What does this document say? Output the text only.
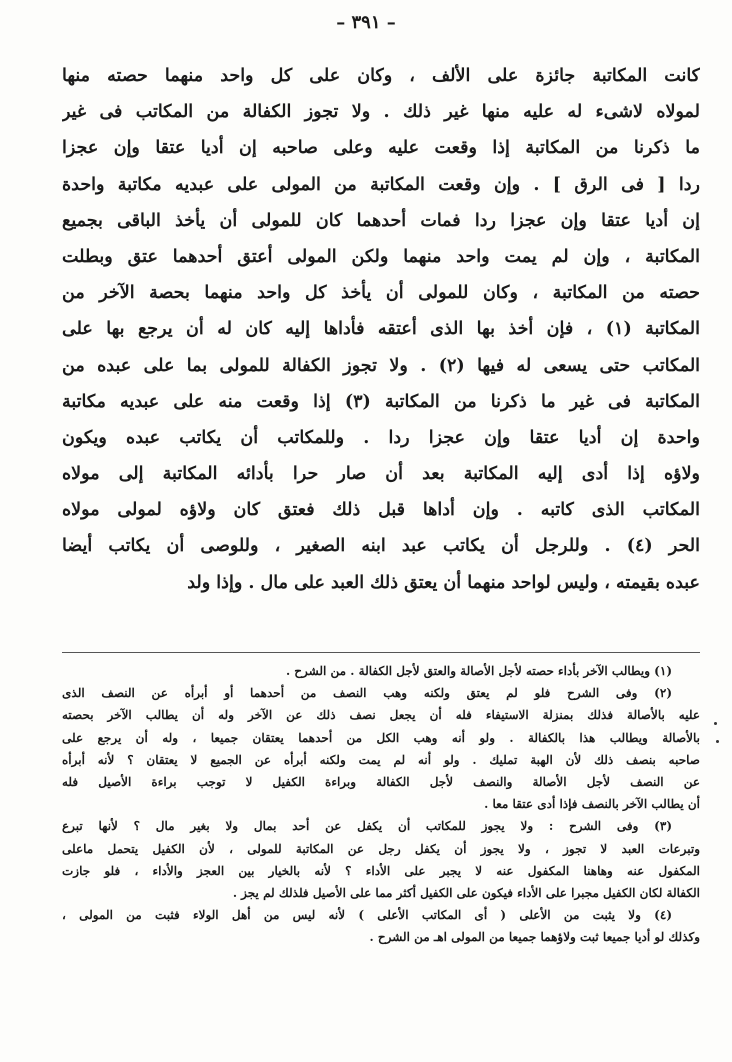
– ٣٩١ –
كانت المكاتبة جائزة على الألف ، وكان على كل واحد منهما حصته منها
لمولاه لاشىء له عليه منها غير ذلك . ولا تجوز الكفالة من المكاتب فى غير
ما ذكرنا من المكاتبة إذا وقعت عليه وعلى صاحبه إن أديا عتقا وإن عجزا
ردا [ فى الرق ] . وإن وقعت المكاتبة من المولى على عبديه مكاتبة واحدة
إن أديا عتقا وإن عجزا ردا فمات أحدهما كان للمولى أن يأخذ الباقى بجميع
المكاتبة ، وإن لم يمت واحد منهما ولكن المولى أعتق أحدهما عتق وبطلت
حصته من المكاتبة ، وكان للمولى أن يأخذ كل واحد منهما بحصة الآخر من
المكاتبة (١) ، فإن أخذ بها الذى أعتقه فأداها إليه كان له أن يرجع بها على
المكاتب حتى يسعى له فيها (٢) . ولا تجوز الكفالة للمولى بما على عبده من
المكاتبة فى غير ما ذكرنا من المكاتبة (٣) إذا وقعت منه على عبديه مكاتبة
واحدة إن أديا عتقا وإن عجزا ردا . وللمكاتب أن يكاتب عبده ويكون
ولاؤه إذا أدى إليه المكاتبة بعد أن صار حرا بأدائه المكاتبة إلى مولاه
المكاتب الذى كاتبه . وإن أداها قبل ذلك فعتق كان ولاؤه لمولى مولاه
الحر (٤) . وللرجل أن يكاتب عبد ابنه الصغير ، وللوصى أن يكاتب أيضا
عبده بقيمته ، وليس لواحد منهما أن يعتق ذلك العبد على مال . وإذا ولد
(١) ويطالب الآخر بأداء حصته لأجل الأصالة والعتق لأجل الكفالة . من الشرح .
(٢) وفى الشرح فلو لم يعتق ولكنه وهب النصف من أحدهما أو أبرأه عن النصف الذى
عليه بالأصالة فذلك بمنزلة الاستيفاء فله أن يجعل نصف ذلك عن الآخر وله أن يطالب الآخر بحصته
بالأصالة ويطالب هذا بالكفالة . ولو أنه وهب الكل من أحدهما يعتقان جميعا ، وله أن يرجع على
صاحبه بنصف ذلك لأن الهبة تمليك . ولو أنه لم يمت ولكنه أبرأه عن الجميع لا يعتقان ؟ لأنه أبرأه
عن النصف لأجل الأصالة والنصف لأجل الكفالة وبراءة الكفيل لا توجب براءة الأصيل فله
أن يطالب الآخر بالنصف فإذا أدى عتقا معا .
(٣) وفى الشرح : ولا يجوز للمكاتب أن يكفل عن أحد بمال ولا بغير مال ؟ لأنها تبرع
وتبرعات العبد لا تجوز ، ولا يجوز أن يكفل رجل عن المكاتبة للمولى ، لأن الكفيل يتحمل ماعلى
المكفول عنه وهاهنا المكفول عنه لا يجبر على الأداء ؟ لأنه بالخيار بين العجز والأداء ، فلو جازت
الكفالة لكان الكفيل مجبرا على الأداء فيكون على الكفيل أكثر مما على الأصيل فلذلك لم يجز .
(٤) ولا يثبت من الأعلى ( أى المكاتب الأعلى ) لأنه ليس من أهل الولاء فثبت من المولى ،
وكذلك لو أديا جميعا ثبت ولاؤهما جميعا من المولى اهـ من الشرح .
